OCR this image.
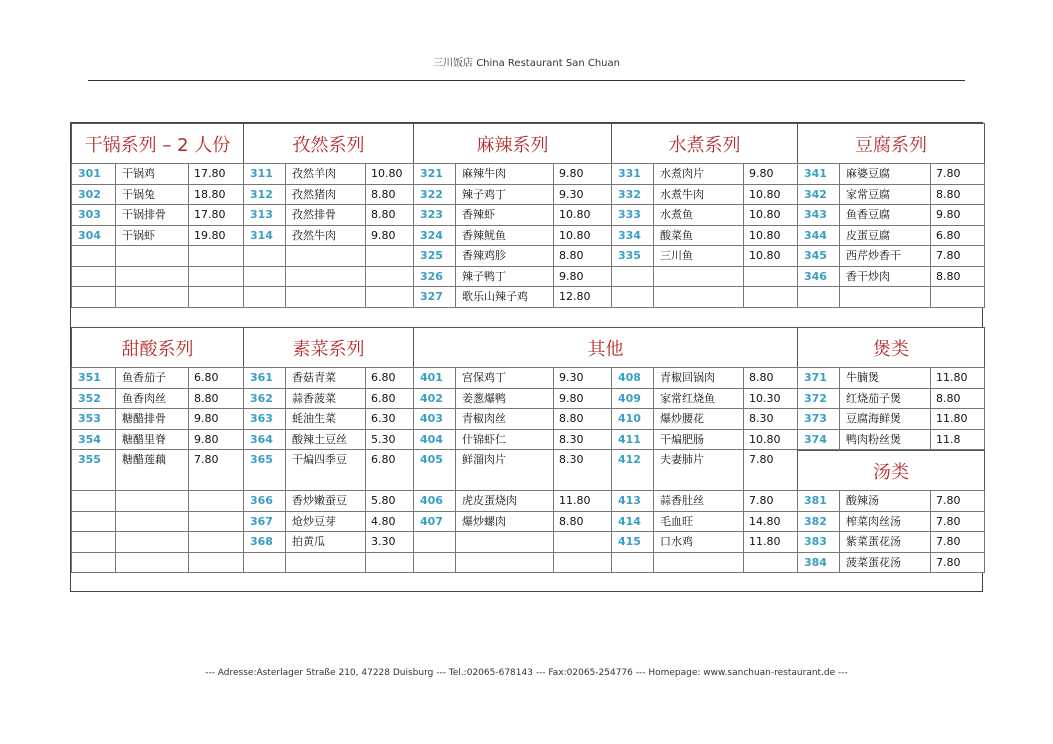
三川饭店 China Restaurant San Chuan
干锅系列 – 2 人份
301	干锅鸡	17.80
302	干锅兔	18.80
303	干锅排骨	17.80
304	干锅虾	19.80
孜然系列
311	孜然羊肉	10.80
312	孜然猪肉	8.80
313	孜然排骨	8.80
314	孜然牛肉	9.80
麻辣系列
321	麻辣牛肉	9.80
322	辣子鸡丁	9.30
323	香辣虾	10.80
324	香辣鱿鱼	10.80
325	香辣鸡胗	8.80
326	辣子鸭丁	9.80
327	歌乐山辣子鸡	12.80
水煮系列
331	水煮肉片	9.80
332	水煮牛肉	10.80
333	水煮鱼	10.80
334	酸菜鱼	10.80
335	三川鱼	10.80
豆腐系列
341	麻婆豆腐	7.80
342	家常豆腐	8.80
343	鱼香豆腐	9.80
344	皮蛋豆腐	6.80
345	西芹炒香干	7.80
346	香干炒肉	8.80
甜酸系列
351	鱼香茄子	6.80
352	鱼香肉丝	8.80
353	糖醋排骨	9.80
354	糖醋里脊	9.80
355	糖醋莲藕	7.80
素菜系列
361	香菇青菜	6.80
362	蒜香菠菜	6.80
363	蚝油生菜	6.30
364	酸辣土豆丝	5.30
365	干煸四季豆	6.80
366	香炒嫩蚕豆	5.80
367	炝炒豆芽	4.80
368	拍黄瓜	3.30
其他
401	宫保鸡丁	9.30
402	姜葱爆鸭	9.80
403	青椒肉丝	8.80
404	什锦虾仁	8.30
405	鲜溜肉片	8.30
406	虎皮蛋烧肉	11.80
407	爆炒螺肉	8.80
408	青椒回锅肉	8.80
409	家常红烧鱼	10.30
410	爆炒腰花	8.30
411	干煸肥肠	10.80
412	夫妻肺片	7.80
413	蒜香肚丝	7.80
414	毛血旺	14.80
415	口水鸡	11.80
煲类
371	牛腩煲	11.80
372	红烧茄子煲	8.80
373	豆腐海鲜煲	11.80
374	鸭肉粉丝煲	11.8
汤类
381	酸辣汤	7.80
382	榨菜肉丝汤	7.80
383	紫菜蛋花汤	7.80
384	菠菜蛋花汤	7.80
--- Adresse:Asterlager Straße 210, 47228 Duisburg --- Tel.:02065-678143 --- Fax:02065-254776 --- Homepage: www.sanchuan-restaurant.de ---
